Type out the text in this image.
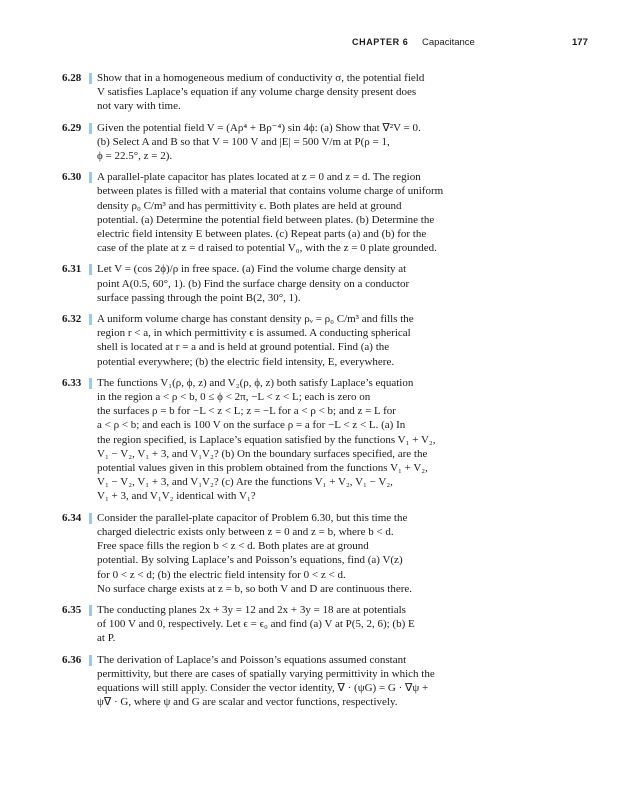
CHAPTER 6 Capacitance	177
6.28	Show that in a homogeneous medium of conductivity σ, the potential field
V satisfies Laplace’s equation if any volume charge density present does
not vary with time.
6.29	Given the potential field V = (Aρ⁴ + Bρ⁻⁴) sin 4ϕ: (a) Show that ∇²V = 0.
(b) Select A and B so that V = 100 V and |E| = 500 V/m at P(ρ = 1,
ϕ = 22.5°, z = 2).
6.30	A parallel-plate capacitor has plates located at z = 0 and z = d. The region
between plates is filled with a material that contains volume charge of uniform
density ρ₀ C/m³ and has permittivity ϵ. Both plates are held at ground
potential. (a) Determine the potential field between plates. (b) Determine the
electric field intensity E between plates. (c) Repeat parts (a) and (b) for the
case of the plate at z = d raised to potential V₀, with the z = 0 plate grounded.
6.31	Let V = (cos 2ϕ)/ρ in free space. (a) Find the volume charge density at
point A(0.5, 60°, 1). (b) Find the surface charge density on a conductor
surface passing through the point B(2, 30°, 1).
6.32	A uniform volume charge has constant density ρᵥ = ρ₀ C/m³ and fills the
region r < a, in which permittivity ϵ is assumed. A conducting spherical
shell is located at r = a and is held at ground potential. Find (a) the
potential everywhere; (b) the electric field intensity, E, everywhere.
6.33	The functions V₁(ρ, ϕ, z) and V₂(ρ, ϕ, z) both satisfy Laplace’s equation
in the region a < ρ < b, 0 ≤ ϕ < 2π, −L < z < L; each is zero on
the surfaces ρ = b for −L < z < L; z = −L for a < ρ < b; and z = L for
a < ρ < b; and each is 100 V on the surface ρ = a for −L < z < L. (a) In
the region specified, is Laplace’s equation satisfied by the functions V₁ + V₂,
V₁ − V₂, V₁ + 3, and V₁V₂? (b) On the boundary surfaces specified, are the
potential values given in this problem obtained from the functions V₁ + V₂,
V₁ − V₂, V₁ + 3, and V₁V₂? (c) Are the functions V₁ + V₂, V₁ − V₂,
V₁ + 3, and V₁V₂ identical with V₁?
6.34	Consider the parallel-plate capacitor of Problem 6.30, but this time the
charged dielectric exists only between z = 0 and z = b, where b < d.
Free space fills the region b < z < d. Both plates are at ground
potential. By solving Laplace’s and Poisson’s equations, find (a) V(z)
for 0 < z < d; (b) the electric field intensity for 0 < z < d.
No surface charge exists at z = b, so both V and D are continuous there.
6.35	The conducting planes 2x + 3y = 12 and 2x + 3y = 18 are at potentials
of 100 V and 0, respectively. Let ϵ = ϵ₀ and find (a) V at P(5, 2, 6); (b) E
at P.
6.36	The derivation of Laplace’s and Poisson’s equations assumed constant
permittivity, but there are cases of spatially varying permittivity in which the
equations will still apply. Consider the vector identity, ∇ · (ψG) = G · ∇ψ +
ψ∇ · G, where ψ and G are scalar and vector functions, respectively.
